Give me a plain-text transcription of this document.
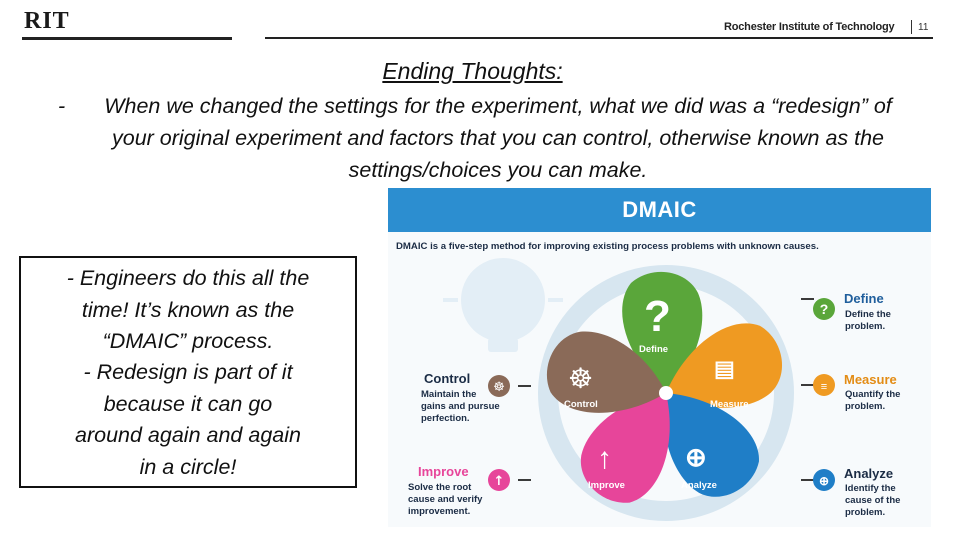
RIT	Rochester Institute of Technology 11
Ending Thoughts:
- When we changed the settings for the experiment, what we did was a “redesign” of your original experiment and factors that you can control, otherwise known as the settings/choices you can make.
- Engineers do this all the
time! It’s known as the
“DMAIC” process.
- Redesign is part of it
because it can go
around again and again
in a circle!
DMAIC
DMAIC is a five-step method for improving existing process problems with unknown causes.
?
≡
⊕
☸
↑
?
Define
▤
Measure
⊕
Analyze
↑
Improve
☸
Control
Define
Define the
problem.
Measure
Quantify the
problem.
Analyze
Identify the
cause of the
problem.
Control
Maintain the
gains and pursue
perfection.
Improve
Solve the root
cause and verify
improvement.
